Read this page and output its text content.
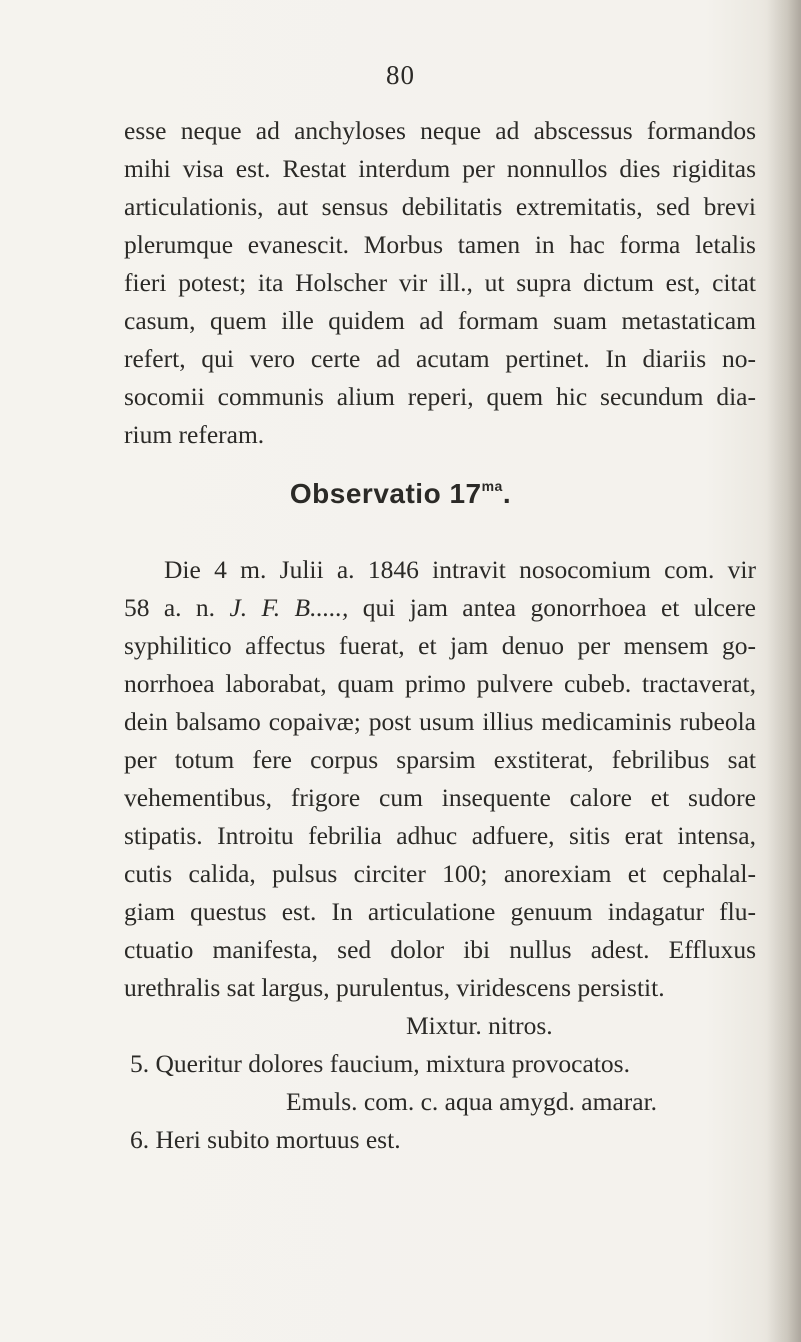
80
esse neque ad anchyloses neque ad abscessus formandos
mihi visa est. Restat interdum per nonnullos dies rigiditas
articulationis, aut sensus debilitatis extremitatis, sed brevi
plerumque evanescit. Morbus tamen in hac forma letalis
fieri potest; ita Holscher vir ill., ut supra dictum est, citat
casum, quem ille quidem ad formam suam metastaticam
refert, qui vero certe ad acutam pertinet. In diariis no-
socomii communis alium reperi, quem hic secundum dia-
rium referam.
Observatio $17^{ma}$.
Die 4 m. Julii a. 1846 intravit nosocomium com. vir
58 a. n. J. F. B....., qui jam antea gonorrhoea et ulcere
syphilitico affectus fuerat, et jam denuo per mensem go-
norrhoea laborabat, quam primo pulvere cubeb. tractaverat,
dein balsamo copaivæ; post usum illius medicaminis rubeola
per totum fere corpus sparsim exstiterat, febrilibus sat
vehementibus, frigore cum insequente calore et sudore
stipatis. Introitu febrilia adhuc adfuere, sitis erat intensa,
cutis calida, pulsus circiter 100; anorexiam et cephalal-
giam questus est. In articulatione genuum indagatur flu-
ctuatio manifesta, sed dolor ibi nullus adest. Effluxus
urethralis sat largus, purulentus, viridescens persistit.
Mixtur. nitros.
5. Queritur dolores faucium, mixtura provocatos.
Emuls. com. c. aqua amygd. amarar.
6. Heri subito mortuus est.
